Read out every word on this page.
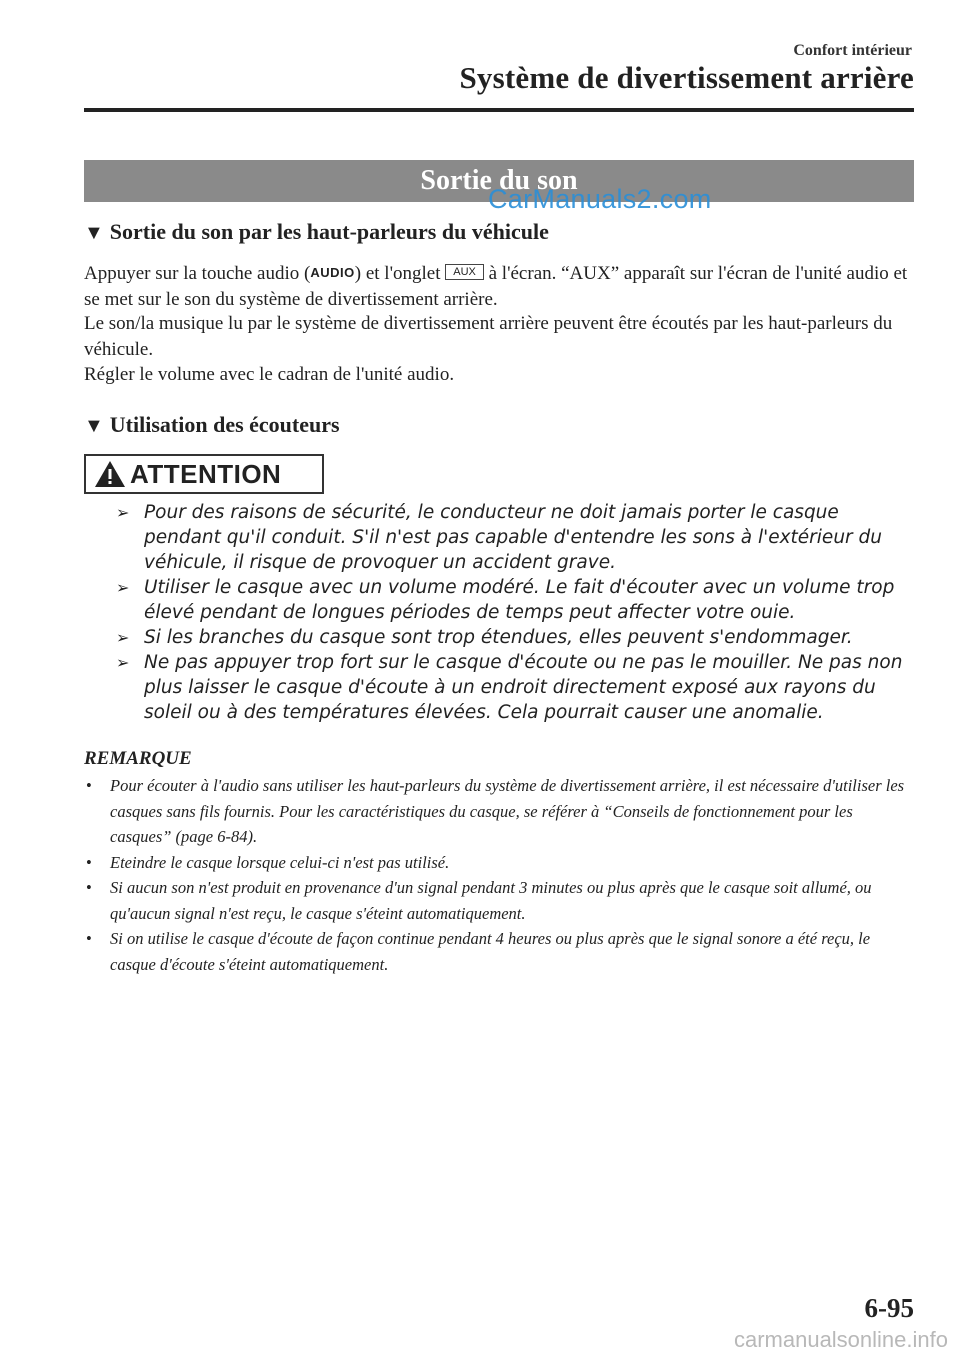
Confort intérieur
Système de divertissement arrière
Sortie du son
CarManuals2.com
▼ Sortie du son par les haut-parleurs du véhicule
Appuyer sur la touche audio (AUDIO) et l'onglet AUX à l'écran. “AUX” apparaît sur l'écran de l'unité audio et se met sur le son du système de divertissement arrière.
Le son/la musique lu par le système de divertissement arrière peuvent être écoutés par les haut-parleurs du véhicule.
Régler le volume avec le cadran de l'unité audio.
▼ Utilisation des écouteurs
ATTENTION
➢ Pour des raisons de sécurité, le conducteur ne doit jamais porter le casque pendant qu'il conduit. S'il n'est pas capable d'entendre les sons à l'extérieur du véhicule, il risque de provoquer un accident grave.
➢ Utiliser le casque avec un volume modéré. Le fait d'écouter avec un volume trop élevé pendant de longues périodes de temps peut affecter votre ouie.
➢ Si les branches du casque sont trop étendues, elles peuvent s'endommager.
➢ Ne pas appuyer trop fort sur le casque d'écoute ou ne pas le mouiller. Ne pas non plus laisser le casque d'écoute à un endroit directement exposé aux rayons du soleil ou à des températures élevées. Cela pourrait causer une anomalie.
REMARQUE
• Pour écouter à l'audio sans utiliser les haut-parleurs du système de divertissement arrière, il est nécessaire d'utiliser les casques sans fils fournis. Pour les caractéristiques du casque, se référer à “Conseils de fonctionnement pour les casques” (page 6-84).
• Eteindre le casque lorsque celui-ci n'est pas utilisé.
• Si aucun son n'est produit en provenance d'un signal pendant 3 minutes ou plus après que le casque soit allumé, ou qu'aucun signal n'est reçu, le casque s'éteint automatiquement.
• Si on utilise le casque d'écoute de façon continue pendant 4 heures ou plus après que le signal sonore a été reçu, le casque d'écoute s'éteint automatiquement.
6-95
carmanualsonline.info
